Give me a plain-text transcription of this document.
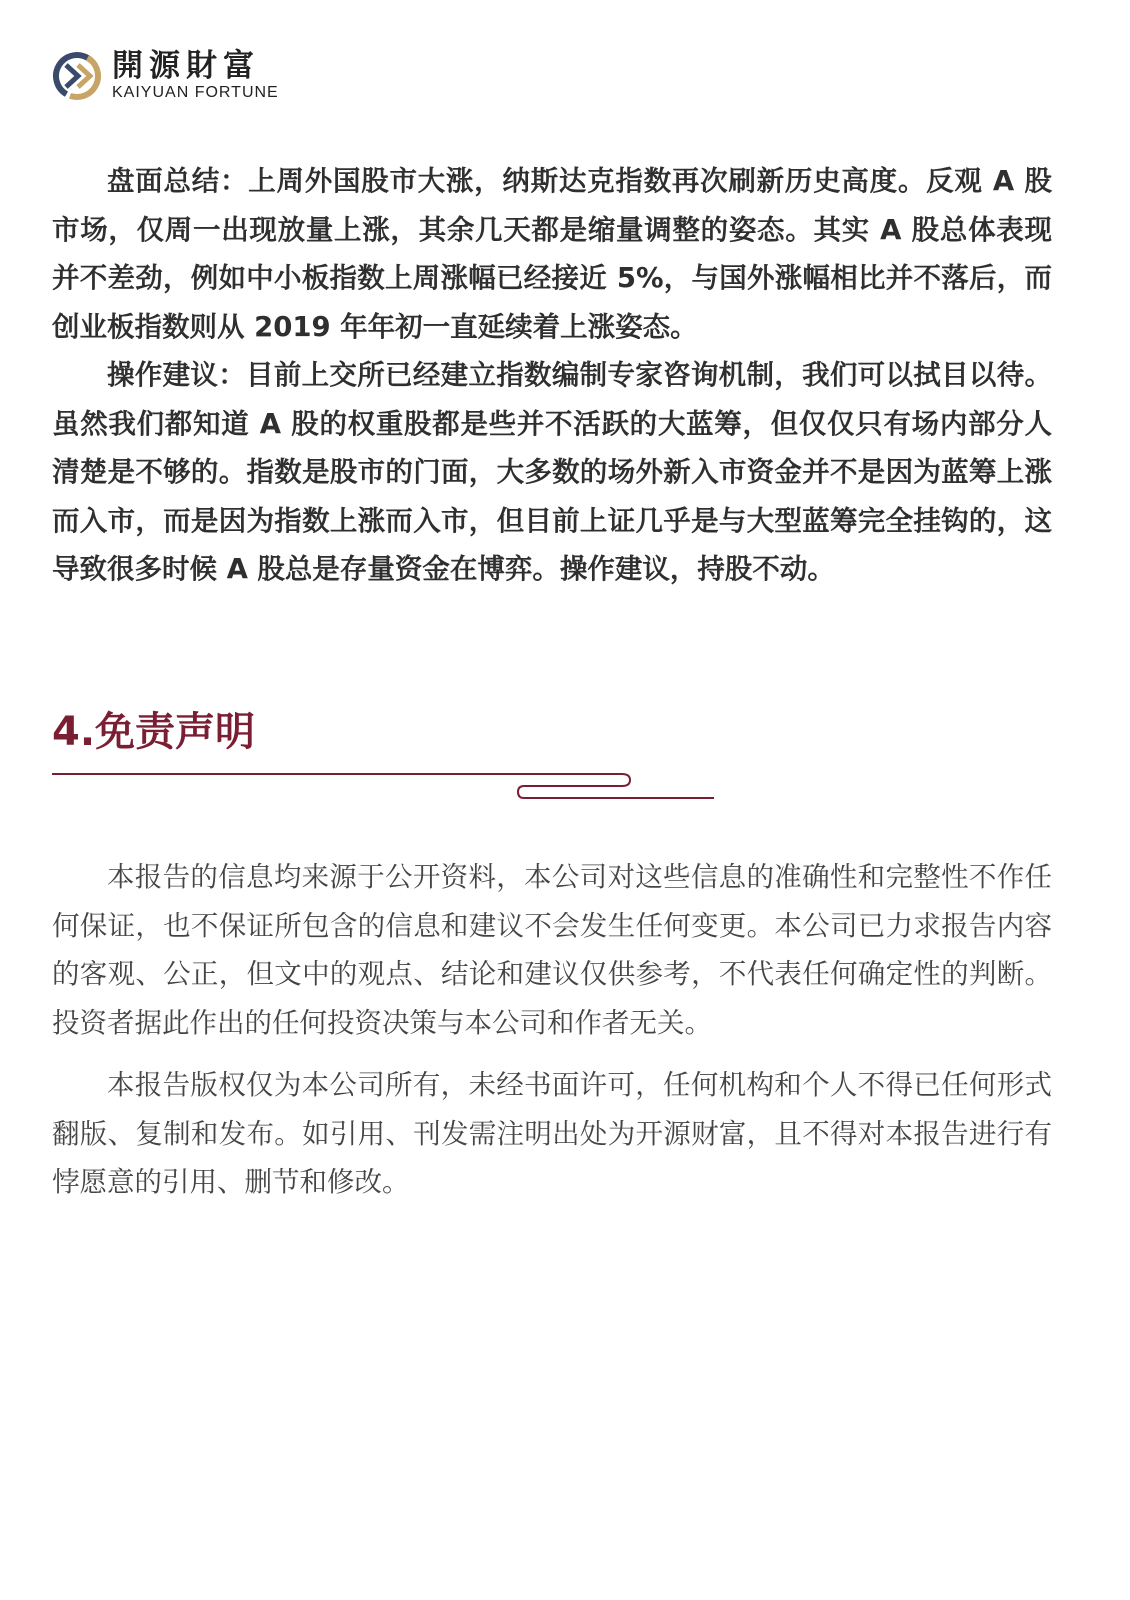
開源財富
KAIYUAN FORTUNE

盘面总结：上周外国股市大涨，纳斯达克指数再次刷新历史高度。反观 A 股市场，仅周一出现放量上涨，其余几天都是缩量调整的姿态。其实 A 股总体表现并不差劲，例如中小板指数上周涨幅已经接近 5%，与国外涨幅相比并不落后，而创业板指数则从 2019 年年初一直延续着上涨姿态。

操作建议：目前上交所已经建立指数编制专家咨询机制，我们可以拭目以待。虽然我们都知道 A 股的权重股都是些并不活跃的大蓝筹，但仅仅只有场内部分人清楚是不够的。指数是股市的门面，大多数的场外新入市资金并不是因为蓝筹上涨而入市，而是因为指数上涨而入市，但目前上证几乎是与大型蓝筹完全挂钩的，这导致很多时候 A 股总是存量资金在博弈。操作建议，持股不动。

4.免责声明

本报告的信息均来源于公开资料，本公司对这些信息的准确性和完整性不作任何保证，也不保证所包含的信息和建议不会发生任何变更。本公司已力求报告内容的客观、公正，但文中的观点、结论和建议仅供参考，不代表任何确定性的判断。投资者据此作出的任何投资决策与本公司和作者无关。

本报告版权仅为本公司所有，未经书面许可，任何机构和个人不得已任何形式翻版、复制和发布。如引用、刊发需注明出处为开源财富，且不得对本报告进行有悖愿意的引用、删节和修改。
